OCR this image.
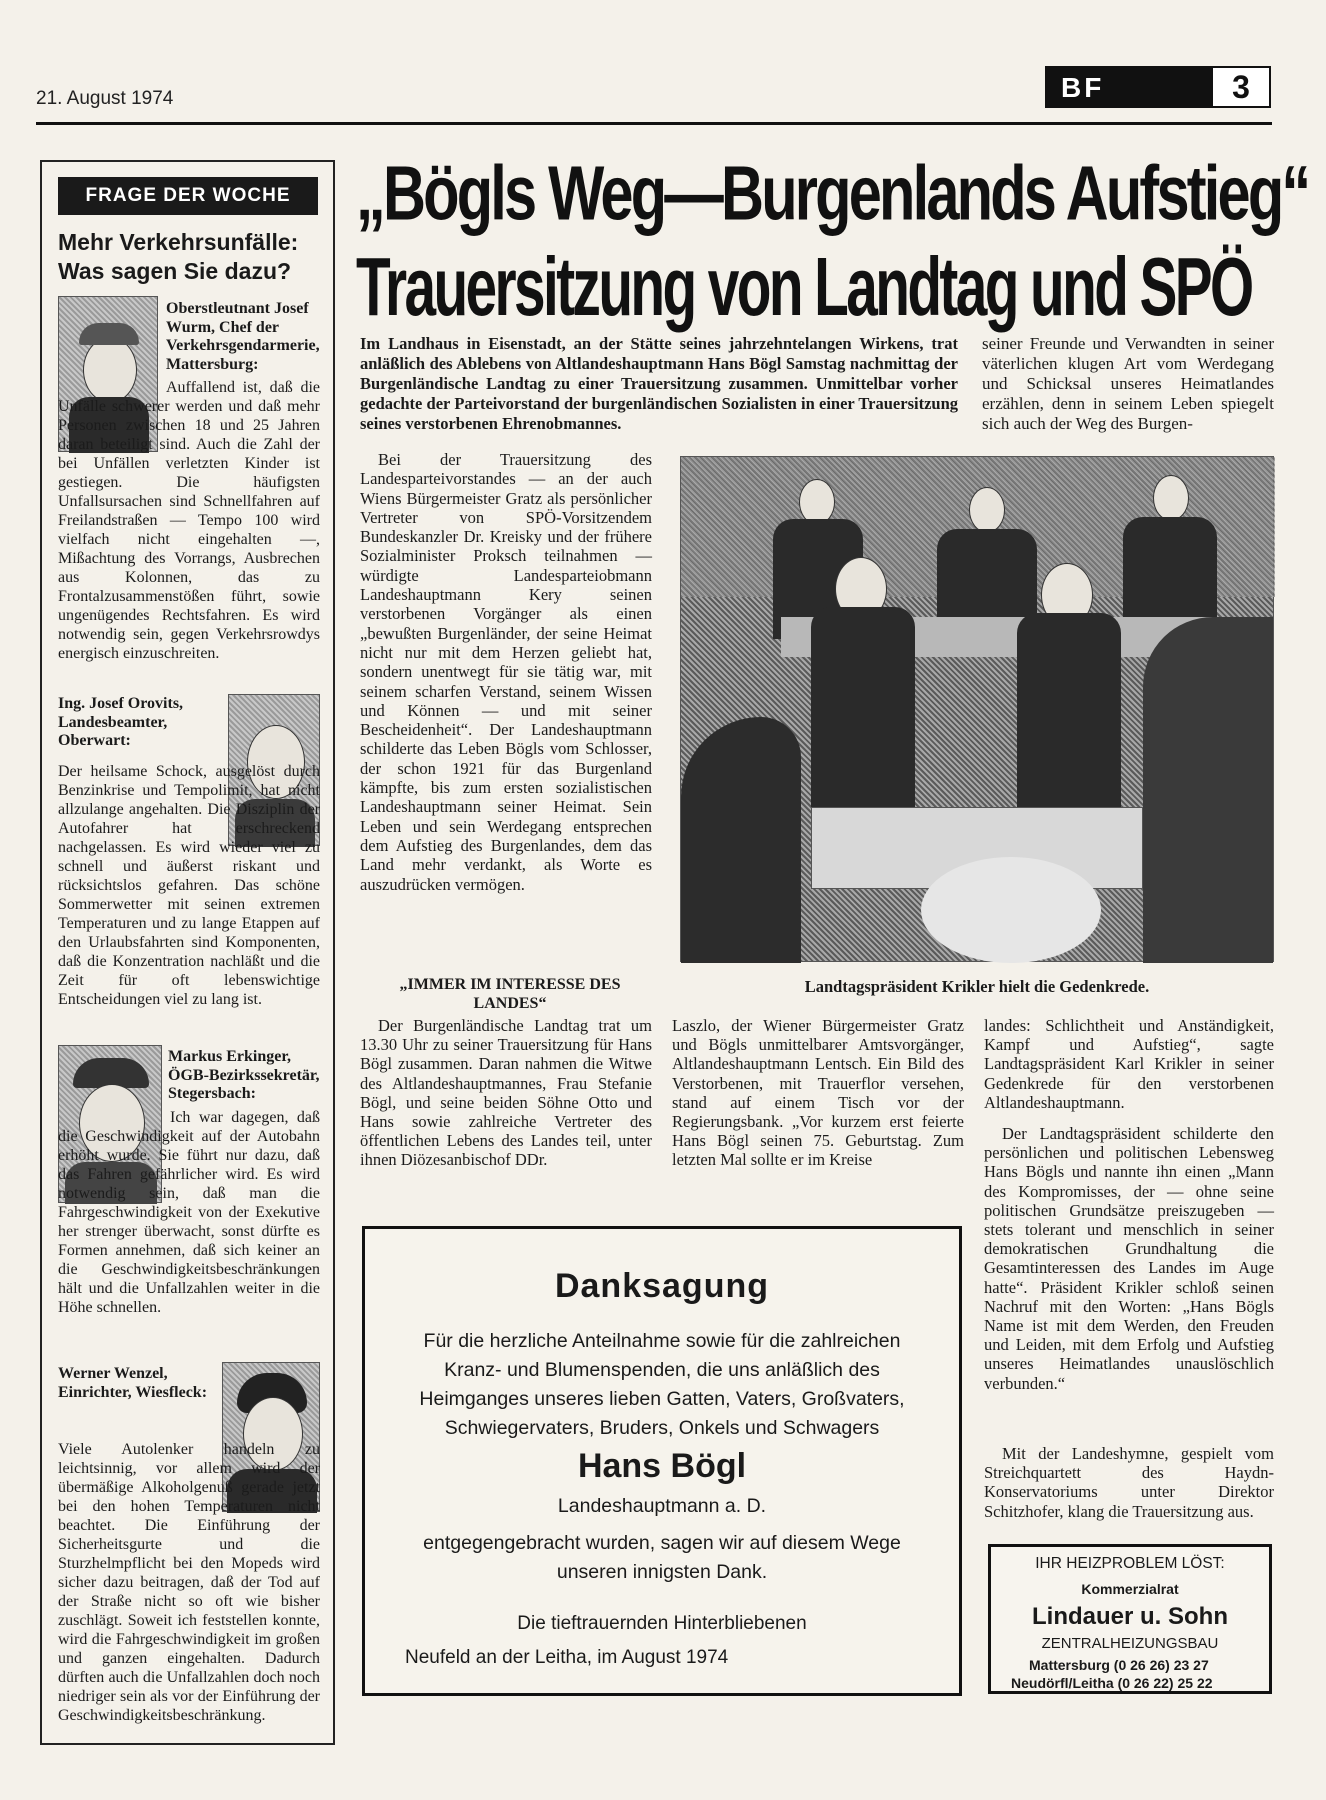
21. August 1974	BF	3
FRAGE DER WOCHE
Mehr Verkehrsunfälle: Was sagen Sie dazu?
Oberstleutnant Josef Wurm, Chef der Verkehrsgendarmerie, Mattersburg:
Auffallend ist, daß die Unfälle schwerer werden und daß mehr Personen zwischen 18 und 25 Jahren daran beteiligt sind. Auch die Zahl der bei Unfällen verletzten Kinder ist gestiegen. Die häufigsten Unfallsursachen sind Schnellfahren auf Freilandstraßen — Tempo 100 wird vielfach nicht eingehalten —, Mißachtung des Vorrangs, Ausbrechen aus Kolonnen, das zu Frontalzusammenstößen führt, sowie ungenügendes Rechtsfahren. Es wird notwendig sein, gegen Verkehrsrowdys energisch einzuschreiten.
Ing. Josef Orovits, Landesbeamter, Oberwart:
Der heilsame Schock, ausgelöst durch Benzinkrise und Tempolimit, hat nicht allzulange angehalten. Die Disziplin der Autofahrer hat erschreckend nachgelassen. Es wird wieder viel zu schnell und äußerst riskant und rücksichtslos gefahren. Das schöne Sommerwetter mit seinen extremen Temperaturen und zu lange Etappen auf den Urlaubsfahrten sind Komponenten, daß die Konzentration nachläßt und die Zeit für oft lebenswichtige Entscheidungen viel zu lang ist.
Markus Erkinger, ÖGB-Bezirkssekretär, Stegersbach:
Ich war dagegen, daß die Geschwindigkeit auf der Autobahn erhöht wurde. Sie führt nur dazu, daß das Fahren gefährlicher wird. Es wird notwendig sein, daß man die Fahrgeschwindigkeit von der Exekutive her strenger überwacht, sonst dürfte es Formen annehmen, daß sich keiner an die Geschwindigkeitsbeschränkungen hält und die Unfallzahlen weiter in die Höhe schnellen.
Werner Wenzel, Einrichter, Wiesfleck:
Viele Autolenker handeln zu leichtsinnig, vor allem wird der übermäßige Alkoholgenuß gerade jetzt bei den hohen Temperaturen nicht beachtet. Die Einführung der Sicherheitsgurte und die Sturzhelmpflicht bei den Mopeds wird sicher dazu beitragen, daß der Tod auf der Straße nicht so oft wie bisher zuschlägt. Soweit ich feststellen konnte, wird die Fahrgeschwindigkeit im großen und ganzen eingehalten. Dadurch dürften auch die Unfallzahlen doch noch niedriger sein als vor der Einführung der Geschwindigkeitsbeschränkung.
„Bögls Weg—Burgenlands Aufstieg“
Trauersitzung von Landtag und SPÖ
Im Landhaus in Eisenstadt, an der Stätte seines jahrzehntelangen Wirkens, trat anläßlich des Ablebens von Altlandeshauptmann Hans Bögl Samstag nachmittag der Burgenländische Landtag zu einer Trauersitzung zusammen. Unmittelbar vorher gedachte der Parteivorstand der burgenländischen Sozialisten in einer Trauersitzung seines verstorbenen Ehrenobmannes.
seiner Freunde und Verwandten in seiner väterlichen klugen Art vom Werdegang und Schicksal unseres Heimatlandes erzählen, denn in seinem Leben spiegelt sich auch der Weg des Burgen-
Bei der Trauersitzung des Landesparteivorstandes — an der auch Wiens Bürgermeister Gratz als persönlicher Vertreter von SPÖ-Vorsitzendem Bundeskanzler Dr. Kreisky und der frühere Sozialminister Proksch teilnahmen — würdigte Landesparteiobmann Landeshauptmann Kery seinen verstorbenen Vorgänger als einen „bewußten Burgenländer, der seine Heimat nicht nur mit dem Herzen geliebt hat, sondern unentwegt für sie tätig war, mit seinem scharfen Verstand, seinem Wissen und Können — und mit seiner Bescheidenheit“. Der Landeshauptmann schilderte das Leben Bögls vom Schlosser, der schon 1921 für das Burgenland kämpfte, bis zum ersten sozialistischen Landeshauptmann seiner Heimat. Sein Leben und sein Werdegang entsprechen dem Aufstieg des Burgenlandes, dem das Land mehr verdankt, als Worte es auszudrücken vermögen.
Landtagspräsident Krikler hielt die Gedenkrede.
„IMMER IM INTERESSE DES LANDES“
Der Burgenländische Landtag trat um 13.30 Uhr zu seiner Trauersitzung für Hans Bögl zusammen. Daran nahmen die Witwe des Altlandeshauptmannes, Frau Stefanie Bögl, und seine beiden Söhne Otto und Hans sowie zahlreiche Vertreter des öffentlichen Lebens des Landes teil, unter ihnen Diözesanbischof DDr.
Laszlo, der Wiener Bürgermeister Gratz und Bögls unmittelbarer Amtsvorgänger, Altlandeshauptmann Lentsch. Ein Bild des Verstorbenen, mit Trauerflor versehen, stand auf einem Tisch vor der Regierungsbank. „Vor kurzem erst feierte Hans Bögl seinen 75. Geburtstag. Zum letzten Mal sollte er im Kreise
landes: Schlichtheit und Anständigkeit, Kampf und Aufstieg“, sagte Landtagspräsident Karl Krikler in seiner Gedenkrede für den verstorbenen Altlandeshauptmann.
Der Landtagspräsident schilderte den persönlichen und politischen Lebensweg Hans Bögls und nannte ihn einen „Mann des Kompromisses, der — ohne seine politischen Grundsätze preiszugeben — stets tolerant und menschlich in seiner demokratischen Grundhaltung die Gesamtinteressen des Landes im Auge hatte“. Präsident Krikler schloß seinen Nachruf mit den Worten: „Hans Bögls Name ist mit dem Werden, den Freuden und Leiden, mit dem Erfolg und Aufstieg unseres Heimatlandes unauslöschlich verbunden.“
Mit der Landeshymne, gespielt vom Streichquartett des Haydn-Konservatoriums unter Direktor Schitzhofer, klang die Trauersitzung aus.
Danksagung
Für die herzliche Anteilnahme sowie für die zahlreichen Kranz- und Blumenspenden, die uns anläßlich des Heimganges unseres lieben Gatten, Vaters, Großvaters, Schwiegervaters, Bruders, Onkels und Schwagers
Hans Bögl
Landeshauptmann a. D.
entgegengebracht wurden, sagen wir auf diesem Wege unseren innigsten Dank.
Die tieftrauernden Hinterbliebenen
Neufeld an der Leitha, im August 1974
IHR HEIZPROBLEM LÖST:
Kommerzialrat
Lindauer u. Sohn
ZENTRALHEIZUNGSBAU
Mattersburg (0 26 26) 23 27
Neudörfl/Leitha (0 26 22) 25 22
